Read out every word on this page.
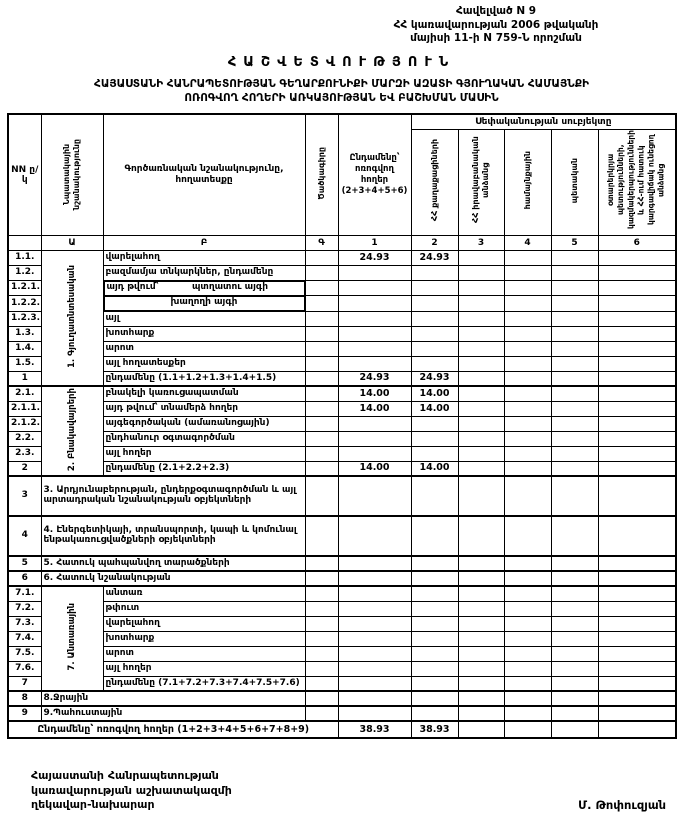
Հավելված N 9
ՀՀ կառավարության 2006 թվականի
մայիսի 11-ի N 759-Ն որոշման
ՀԱՇՎԵՏՎՈՒԹՅՈՒՆ
ՀԱՅԱՍՏԱՆԻ ՀԱՆՐԱՊԵՏՈՒԹՅԱՆ ԳԵՂԱՐՔՈՒՆԻՔԻ ՄԱՐԶԻ ԱԶԱՏԻ ԳՅՈՒՂԱԿԱՆ ՀԱՄԱՅՆՔԻ
ՈՌՈԳՎՈՂ ՀՈՂԵՐԻ ԱՌԿԱՅՈՒԹՅԱՆ ԵՎ ԲԱՇԽՄԱՆ ՄԱՍԻՆ
NN ը/կ	Նպատակային նշանակությունը	Գործառնական նշանակությունը, հողատեսքը	Ծածկագիրը	Ընդամենը՝ ոռոգվող հողեր (2+3+4+5+6)	Սեփականության սուբյեկտը				
					ՀՀ քաղաքացիների	ՀՀ իրավաբանական անձանց	համայնքային	պետական	օտարերկրյա պետությունների, կազմակերպությունների և ՀՀ-ում հատուկ կարգավիճակ ունեցող անձանց
	Ա	Բ	Գ	1	2	3	4	5	6
1.1.	1. Գյուղատնտեսական	վարելահող		24.93	24.93				
1.2.		բազմամյա տնկարկներ, ընդամենը							
1.2.1.		այդ թվում՝	պտղատու այգի

1.2.2.		խաղողի այգի

1.2.3.		այլ							
1.3.		խոտհարք							
1.4.		արոտ							
1.5.		այլ հողատեսքեր							
1		ընդամենը (1.1+1.2+1.3+1.4+1.5)		24.93	24.93				
2.1.	2. Բնակավայրերի	բնակելի կառուցապատման		14.00	14.00				
2.1.1.		այդ թվում՝ տնամերձ հողեր		14.00	14.00				
2.1.2.		այգեգործական (ամառանոցային)							
2.2.		ընդհանուր օգտագործման							
2.3.		այլ հողեր							
2		ընդամենը (2.1+2.2+2.3)		14.00	14.00				
3	3. Արդյունաբերության, ընդերքօգտագործման և այլ արտադրական նշանակության օբյեկտների								
4	4. Էներգետիկայի, տրանսպորտի, կապի և կոմունալ ենթակառուցվածքների օբյեկտների								
5	5. Հատուկ պահպանվող տարածքների								
6	6. Հատուկ նշանակության								
7.1.	7. Անտառային	անտառ							
7.2.		թփուտ							
7.3.		վարելահող							
7.4.		խոտհարք							
7.5.		արոտ							
7.6.		այլ հողեր							
7		ընդամենը (7.1+7.2+7.3+7.4+7.5+7.6)							
8	8.Ջրային								
9	9.Պահուստային								
Ընդամենը՝ ոռոգվող հողեր (1+2+3+4+5+6+7+8+9)				38.93	38.93				
Հայաստանի Հանրապետության
կառավարության աշխատակազմի
ղեկավար-նախարար	Մ. Թոփուզյան
